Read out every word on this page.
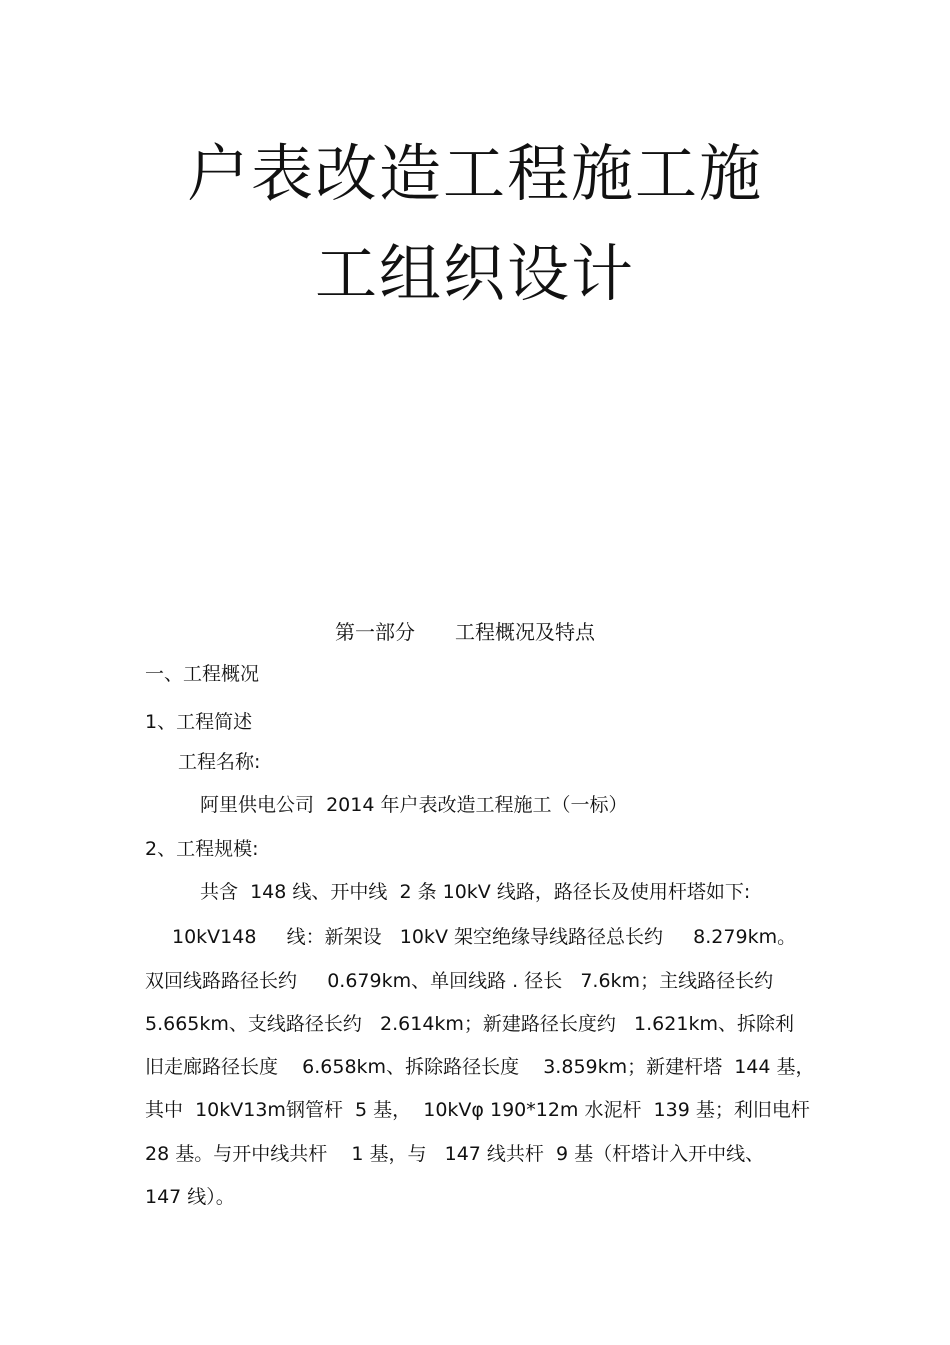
户表改造工程施工施
工组织设计
第一部分　　工程概况及特点
一、工程概况
1、工程简述
工程名称:
阿里供电公司  2014 年户表改造工程施工（一标）
2、工程规模:
共含  148 线、开中线  2 条 10kV 线路，路径长及使用杆塔如下:
10kV148     线：新架设   10kV 架空绝缘导线路径总长约     8.279km。
双回线路路径长约     0.679km、单回线路 . 径长   7.6km；主线路径长约
5.665km、支线路径长约   2.614km；新建路径长度约   1.621km、拆除利
旧走廊路径长度    6.658km、拆除路径长度    3.859km；新建杆塔  144 基，
其中  10kV13m钢管杆  5 基，  10kVφ 190*12m 水泥杆  139 基；利旧电杆
28 基。与开中线共杆    1 基，与   147 线共杆  9 基（杆塔计入开中线、
147 线）。
